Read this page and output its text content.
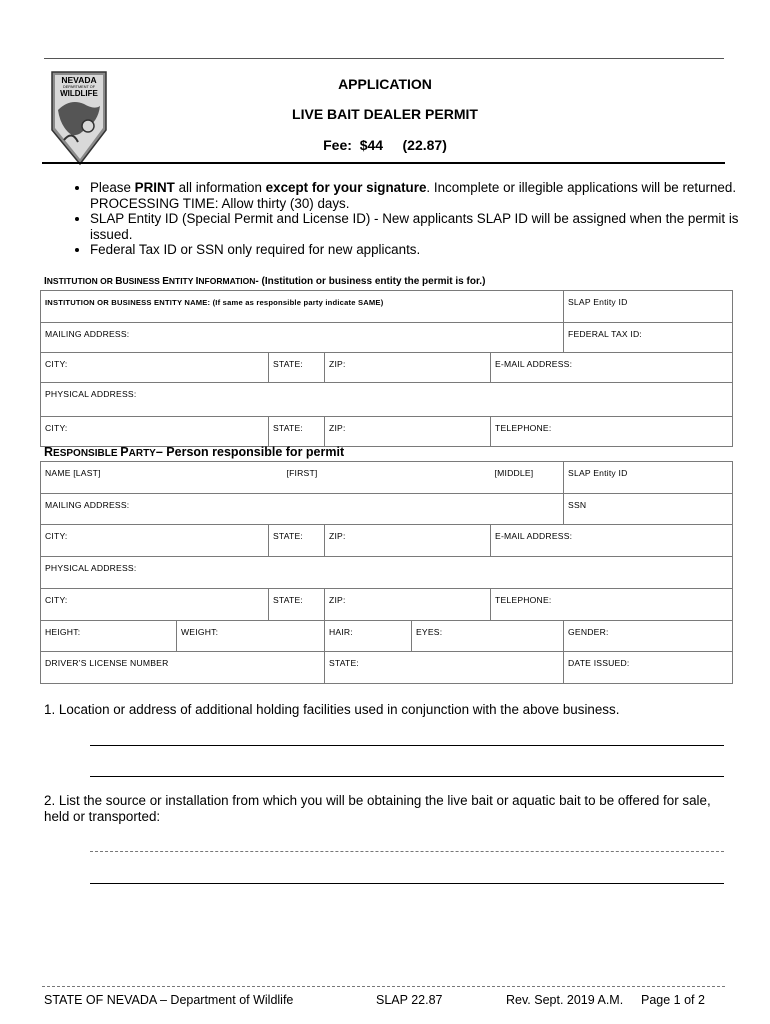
NEVADA
DEPARTMENT OF
WILDLIFE
APPLICATION
LIVE BAIT DEALER PERMIT
Fee:  $44     (22.87)
• Please PRINT all information except for your signature. Incomplete or illegible applications will be returned. PROCESSING TIME: Allow thirty (30) days.
• SLAP Entity ID (Special Permit and License ID) - New applicants SLAP ID will be assigned when the permit is issued.
• Federal Tax ID or SSN only required for new applicants.
INSTITUTION OR BUSINESS ENTITY INFORMATION- (Institution or business entity the permit is for.)
INSTITUTION OR BUSINESS ENTITY NAME: (If same as responsible party indicate SAME)				SLAP Entity ID
MAILING ADDRESS:				FEDERAL TAX ID:
CITY:	STATE:	ZIP:	E-MAIL ADDRESS:	
PHYSICAL ADDRESS:				
CITY:	STATE:	ZIP:	TELEPHONE:	
RESPONSIBLE PARTY– Person responsible for permit
NAME [LAST]		[FIRST]			[MIDDLE]	SLAP Entity ID
MAILING ADDRESS:						SSN
CITY:		STATE:	ZIP:		E-MAIL ADDRESS:	
PHYSICAL ADDRESS:						
CITY:		STATE:	ZIP:		TELEPHONE:	
HEIGHT:	WEIGHT:		HAIR:	EYES:		GENDER:
DRIVER’S LICENSE NUMBER			STATE:			DATE ISSUED:
1. Location or address of additional holding facilities used in conjunction with the above business.
2. List the source or installation from which you will be obtaining the live bait or aquatic bait to be offered for sale, held or transported:
STATE OF NEVADA – Department of Wildlife	SLAP 22.87	Rev. Sept. 2019 A.M. Page 1 of 2
